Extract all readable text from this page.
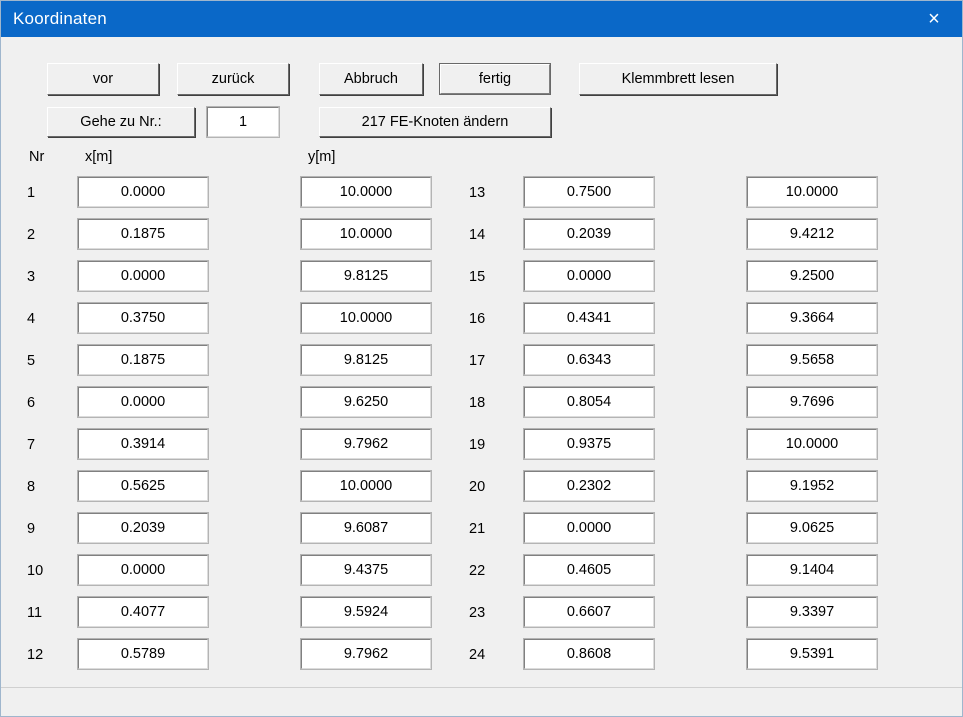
Koordinaten	×
vor	zurück	Abbruch	fertig	Klemmbrett lesen
Gehe zu Nr.:	1	217 FE-Knoten ändern
Nr	x[m]	y[m]
1	0.0000	10.0000	13	0.7500	10.0000
2	0.1875	10.0000	14	0.2039	9.4212
3	0.0000	9.8125	15	0.0000	9.2500
4	0.3750	10.0000	16	0.4341	9.3664
5	0.1875	9.8125	17	0.6343	9.5658
6	0.0000	9.6250	18	0.8054	9.7696
7	0.3914	9.7962	19	0.9375	10.0000
8	0.5625	10.0000	20	0.2302	9.1952
9	0.2039	9.6087	21	0.0000	9.0625
10	0.0000	9.4375	22	0.4605	9.1404
11	0.4077	9.5924	23	0.6607	9.3397
12	0.5789	9.7962	24	0.8608	9.5391
